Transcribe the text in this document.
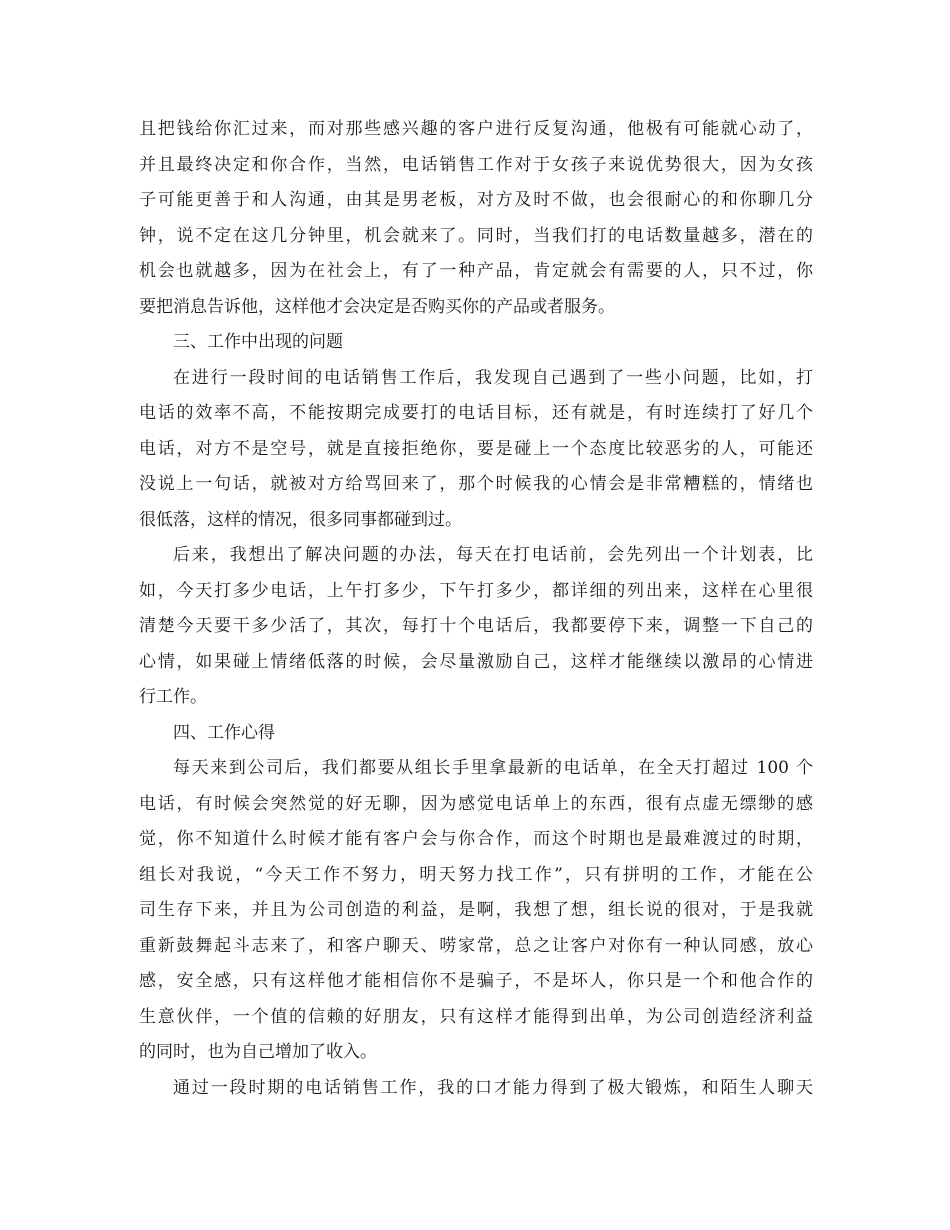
且把钱给你汇过来，而对那些感兴趣的客户进行反复沟通，他极有可能就心动了，
并且最终决定和你合作，当然，电话销售工作对于女孩子来说优势很大，因为女孩
子可能更善于和人沟通，由其是男老板，对方及时不做，也会很耐心的和你聊几分
钟，说不定在这几分钟里，机会就来了。同时，当我们打的电话数量越多，潜在的
机会也就越多，因为在社会上，有了一种产品，肯定就会有需要的人，只不过，你
要把消息告诉他，这样他才会决定是否购买你的产品或者服务。
三、工作中出现的问题
在进行一段时间的电话销售工作后，我发现自己遇到了一些小问题，比如，打
电话的效率不高，不能按期完成要打的电话目标，还有就是，有时连续打了好几个
电话，对方不是空号，就是直接拒绝你，要是碰上一个态度比较恶劣的人，可能还
没说上一句话，就被对方给骂回来了，那个时候我的心情会是非常糟糕的，情绪也
很低落，这样的情况，很多同事都碰到过。
后来，我想出了解决问题的办法，每天在打电话前，会先列出一个计划表，比
如，今天打多少电话，上午打多少，下午打多少，都详细的列出来，这样在心里很
清楚今天要干多少活了，其次，每打十个电话后，我都要停下来，调整一下自己的
心情，如果碰上情绪低落的时候，会尽量激励自己，这样才能继续以激昂的心情进
行工作。
四、工作心得
每天来到公司后，我们都要从组长手里拿最新的电话单，在全天打超过 100 个
电话，有时候会突然觉的好无聊，因为感觉电话单上的东西，很有点虚无缥缈的感
觉，你不知道什么时候才能有客户会与你合作，而这个时期也是最难渡过的时期，
组长对我说，“今天工作不努力，明天努力找工作”，只有拼明的工作，才能在公
司生存下来，并且为公司创造的利益，是啊，我想了想，组长说的很对，于是我就
重新鼓舞起斗志来了，和客户聊天、唠家常，总之让客户对你有一种认同感，放心
感，安全感，只有这样他才能相信你不是骗子，不是坏人，你只是一个和他合作的
生意伙伴，一个值的信赖的好朋友，只有这样才能得到出单，为公司创造经济利益
的同时，也为自己增加了收入。
通过一段时期的电话销售工作，我的口才能力得到了极大锻炼，和陌生人聊天
